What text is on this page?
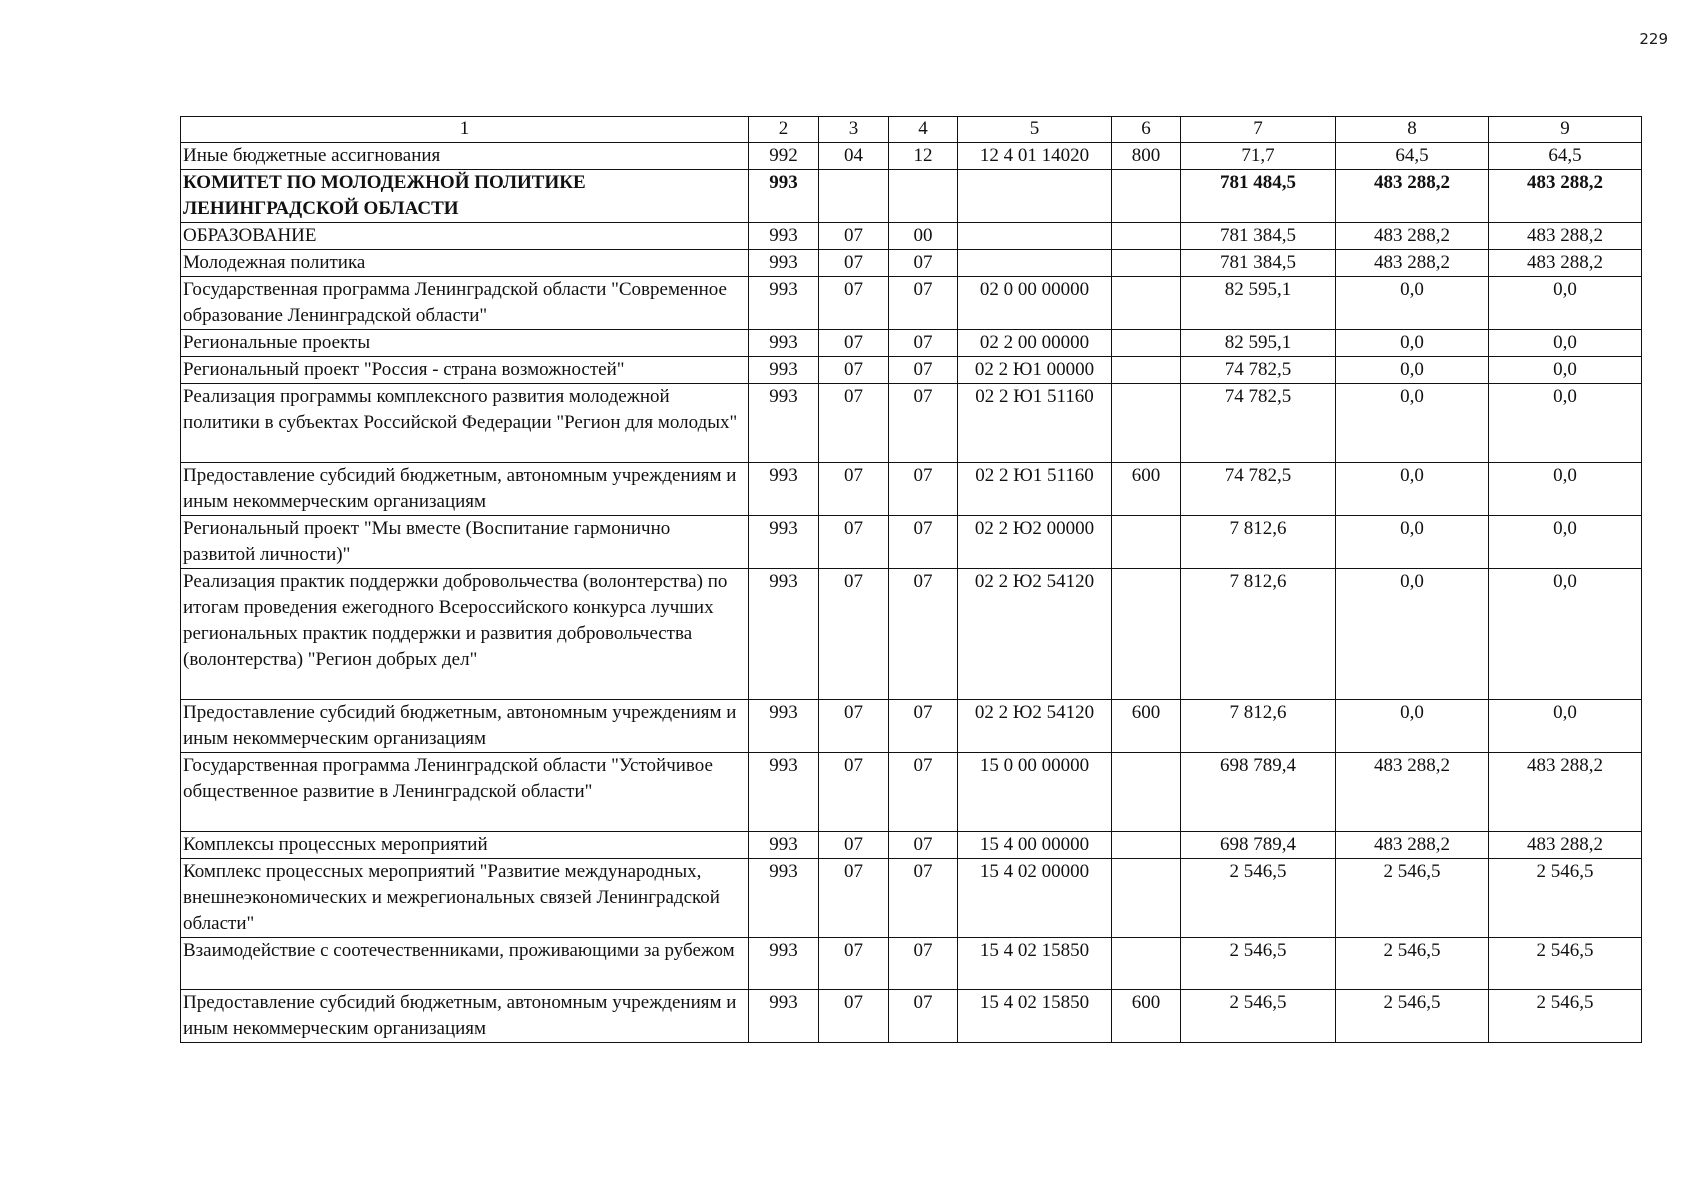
229
1	2	3	4	5	6	7	8	9
Иные бюджетные ассигнования	992	04	12	12 4 01 14020	800	71,7	64,5	64,5
КОМИТЕТ ПО МОЛОДЕЖНОЙ ПОЛИТИКЕ ЛЕНИНГРАДСКОЙ ОБЛАСТИ	993					781 484,5	483 288,2	483 288,2
ОБРАЗОВАНИЕ	993	07	00			781 384,5	483 288,2	483 288,2
Молодежная политика	993	07	07			781 384,5	483 288,2	483 288,2
Государственная программа Ленинградской области "Современное образование Ленинградской области"	993	07	07	02 0 00 00000		82 595,1	0,0	0,0
Региональные проекты	993	07	07	02 2 00 00000		82 595,1	0,0	0,0
Региональный проект "Россия - страна возможностей"	993	07	07	02 2 Ю1 00000		74 782,5	0,0	0,0
Реализация программы комплексного развития молодежной политики в субъектах Российской Федерации "Регион для молодых"	993	07	07	02 2 Ю1 51160		74 782,5	0,0	0,0
Предоставление субсидий бюджетным, автономным учреждениям и иным некоммерческим организациям	993	07	07	02 2 Ю1 51160	600	74 782,5	0,0	0,0
Региональный проект "Мы вместе (Воспитание гармонично развитой личности)"	993	07	07	02 2 Ю2 00000		7 812,6	0,0	0,0
Реализация практик поддержки добровольчества (волонтерства) по итогам проведения ежегодного Всероссийского конкурса лучших региональных практик поддержки и развития добровольчества (волонтерства) "Регион добрых дел"	993	07	07	02 2 Ю2 54120		7 812,6	0,0	0,0
Предоставление субсидий бюджетным, автономным учреждениям и иным некоммерческим организациям	993	07	07	02 2 Ю2 54120	600	7 812,6	0,0	0,0
Государственная программа Ленинградской области "Устойчивое общественное развитие в Ленинградской области"	993	07	07	15 0 00 00000		698 789,4	483 288,2	483 288,2
Комплексы процессных мероприятий	993	07	07	15 4 00 00000		698 789,4	483 288,2	483 288,2
Комплекс процессных мероприятий "Развитие международных, внешнеэкономических и межрегиональных связей Ленинградской области"	993	07	07	15 4 02 00000		2 546,5	2 546,5	2 546,5
Взаимодействие с соотечественниками, проживающими за рубежом	993	07	07	15 4 02 15850		2 546,5	2 546,5	2 546,5
Предоставление субсидий бюджетным, автономным учреждениям и иным некоммерческим организациям	993	07	07	15 4 02 15850	600	2 546,5	2 546,5	2 546,5
